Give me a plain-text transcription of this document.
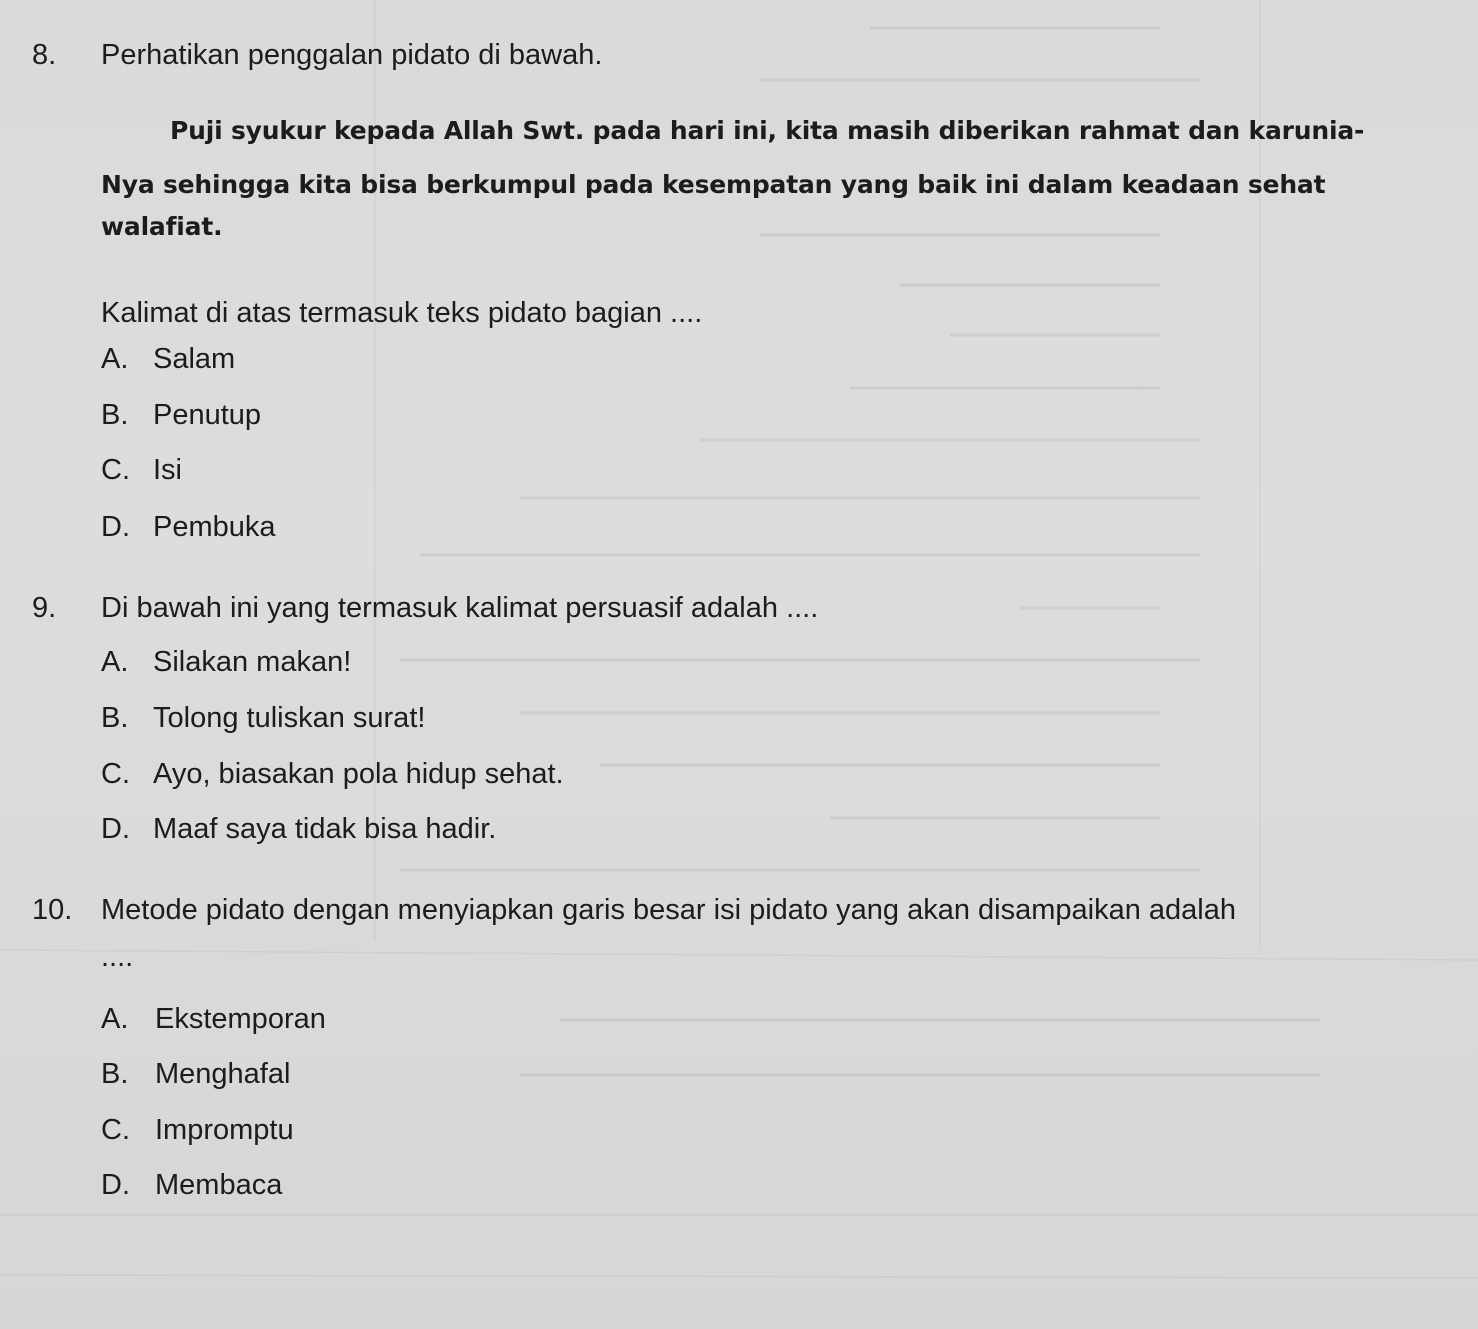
8. Perhatikan penggalan pidato di bawah.
Puji syukur kepada Allah Swt. pada hari ini, kita masih diberikan rahmat dan karunia-
Nya sehingga kita bisa berkumpul pada kesempatan yang baik ini dalam keadaan sehat
walafiat.
Kalimat di atas termasuk teks pidato bagian ....
A. Salam
B. Penutup
C. Isi
D. Pembuka
9. Di bawah ini yang termasuk kalimat persuasif adalah ....
A. Silakan makan!
B. Tolong tuliskan surat!
C. Ayo, biasakan pola hidup sehat.
D. Maaf saya tidak bisa hadir.
10. Metode pidato dengan menyiapkan garis besar isi pidato yang akan disampaikan adalah
....
A. Ekstemporan
B. Menghafal
C. Impromptu
D. Membaca
